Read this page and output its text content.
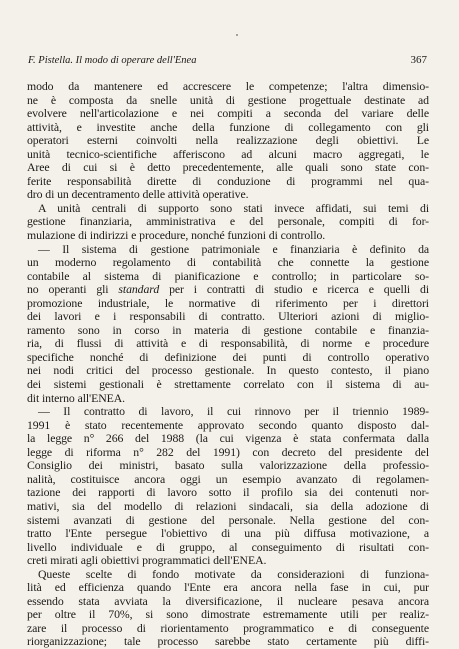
F. Pistella. Il modo di operare dell'Enea	367
modo da mantenere ed accrescere le competenze; l'altra dimensio-
ne è composta da snelle unità di gestione progettuale destinate ad
evolvere nell'articolazione e nei compiti a seconda del variare delle
attività, e investite anche della funzione di collegamento con gli
operatori esterni coinvolti nella realizzazione degli obiettivi. Le
unità tecnico-scientifiche afferiscono ad alcuni macro aggregati, le
Aree di cui si è detto precedentemente, alle quali sono state con-
ferite responsabilità dirette di conduzione di programmi nel qua-
dro di un decentramento delle attività operative.
A unità centrali di supporto sono stati invece affidati, sui temi di
gestione finanziaria, amministrativa e del personale, compiti di for-
mulazione di indirizzi e procedure, nonché funzioni di controllo.
— Il sistema di gestione patrimoniale e finanziaria è definito da
un moderno regolamento di contabilità che connette la gestione
contabile al sistema di pianificazione e controllo; in particolare so-
no operanti gli standard per i contratti di studio e ricerca e quelli di
promozione industriale, le normative di riferimento per i direttori
dei lavori e i responsabili di contratto. Ulteriori azioni di miglio-
ramento sono in corso in materia di gestione contabile e finanzia-
ria, di flussi di attività e di responsabilità, di norme e procedure
specifiche nonché di definizione dei punti di controllo operativo
nei nodi critici del processo gestionale. In questo contesto, il piano
dei sistemi gestionali è strettamente correlato con il sistema di au-
dit interno all'ENEA.
— Il contratto di lavoro, il cui rinnovo per il triennio 1989-
1991 è stato recentemente approvato secondo quanto disposto dal-
la legge n° 266 del 1988 (la cui vigenza è stata confermata dalla
legge di riforma n° 282 del 1991) con decreto del presidente del
Consiglio dei ministri, basato sulla valorizzazione della professio-
nalità, costituisce ancora oggi un esempio avanzato di regolamen-
tazione dei rapporti di lavoro sotto il profilo sia dei contenuti nor-
mativi, sia del modello di relazioni sindacali, sia della adozione di
sistemi avanzati di gestione del personale. Nella gestione del con-
tratto l'Ente persegue l'obiettivo di una più diffusa motivazione, a
livello individuale e di gruppo, al conseguimento di risultati con-
creti mirati agli obiettivi programmatici dell'ENEA.
Queste scelte di fondo motivate da considerazioni di funziona-
lità ed efficienza quando l'Ente era ancora nella fase in cui, pur
essendo stata avviata la diversificazione, il nucleare pesava ancora
per oltre il 70%, si sono dimostrate estremamente utili per realiz-
zare il processo di riorientamento programmatico e di conseguente
riorganizzazione; tale processo sarebbe stato certamente più diffi-
